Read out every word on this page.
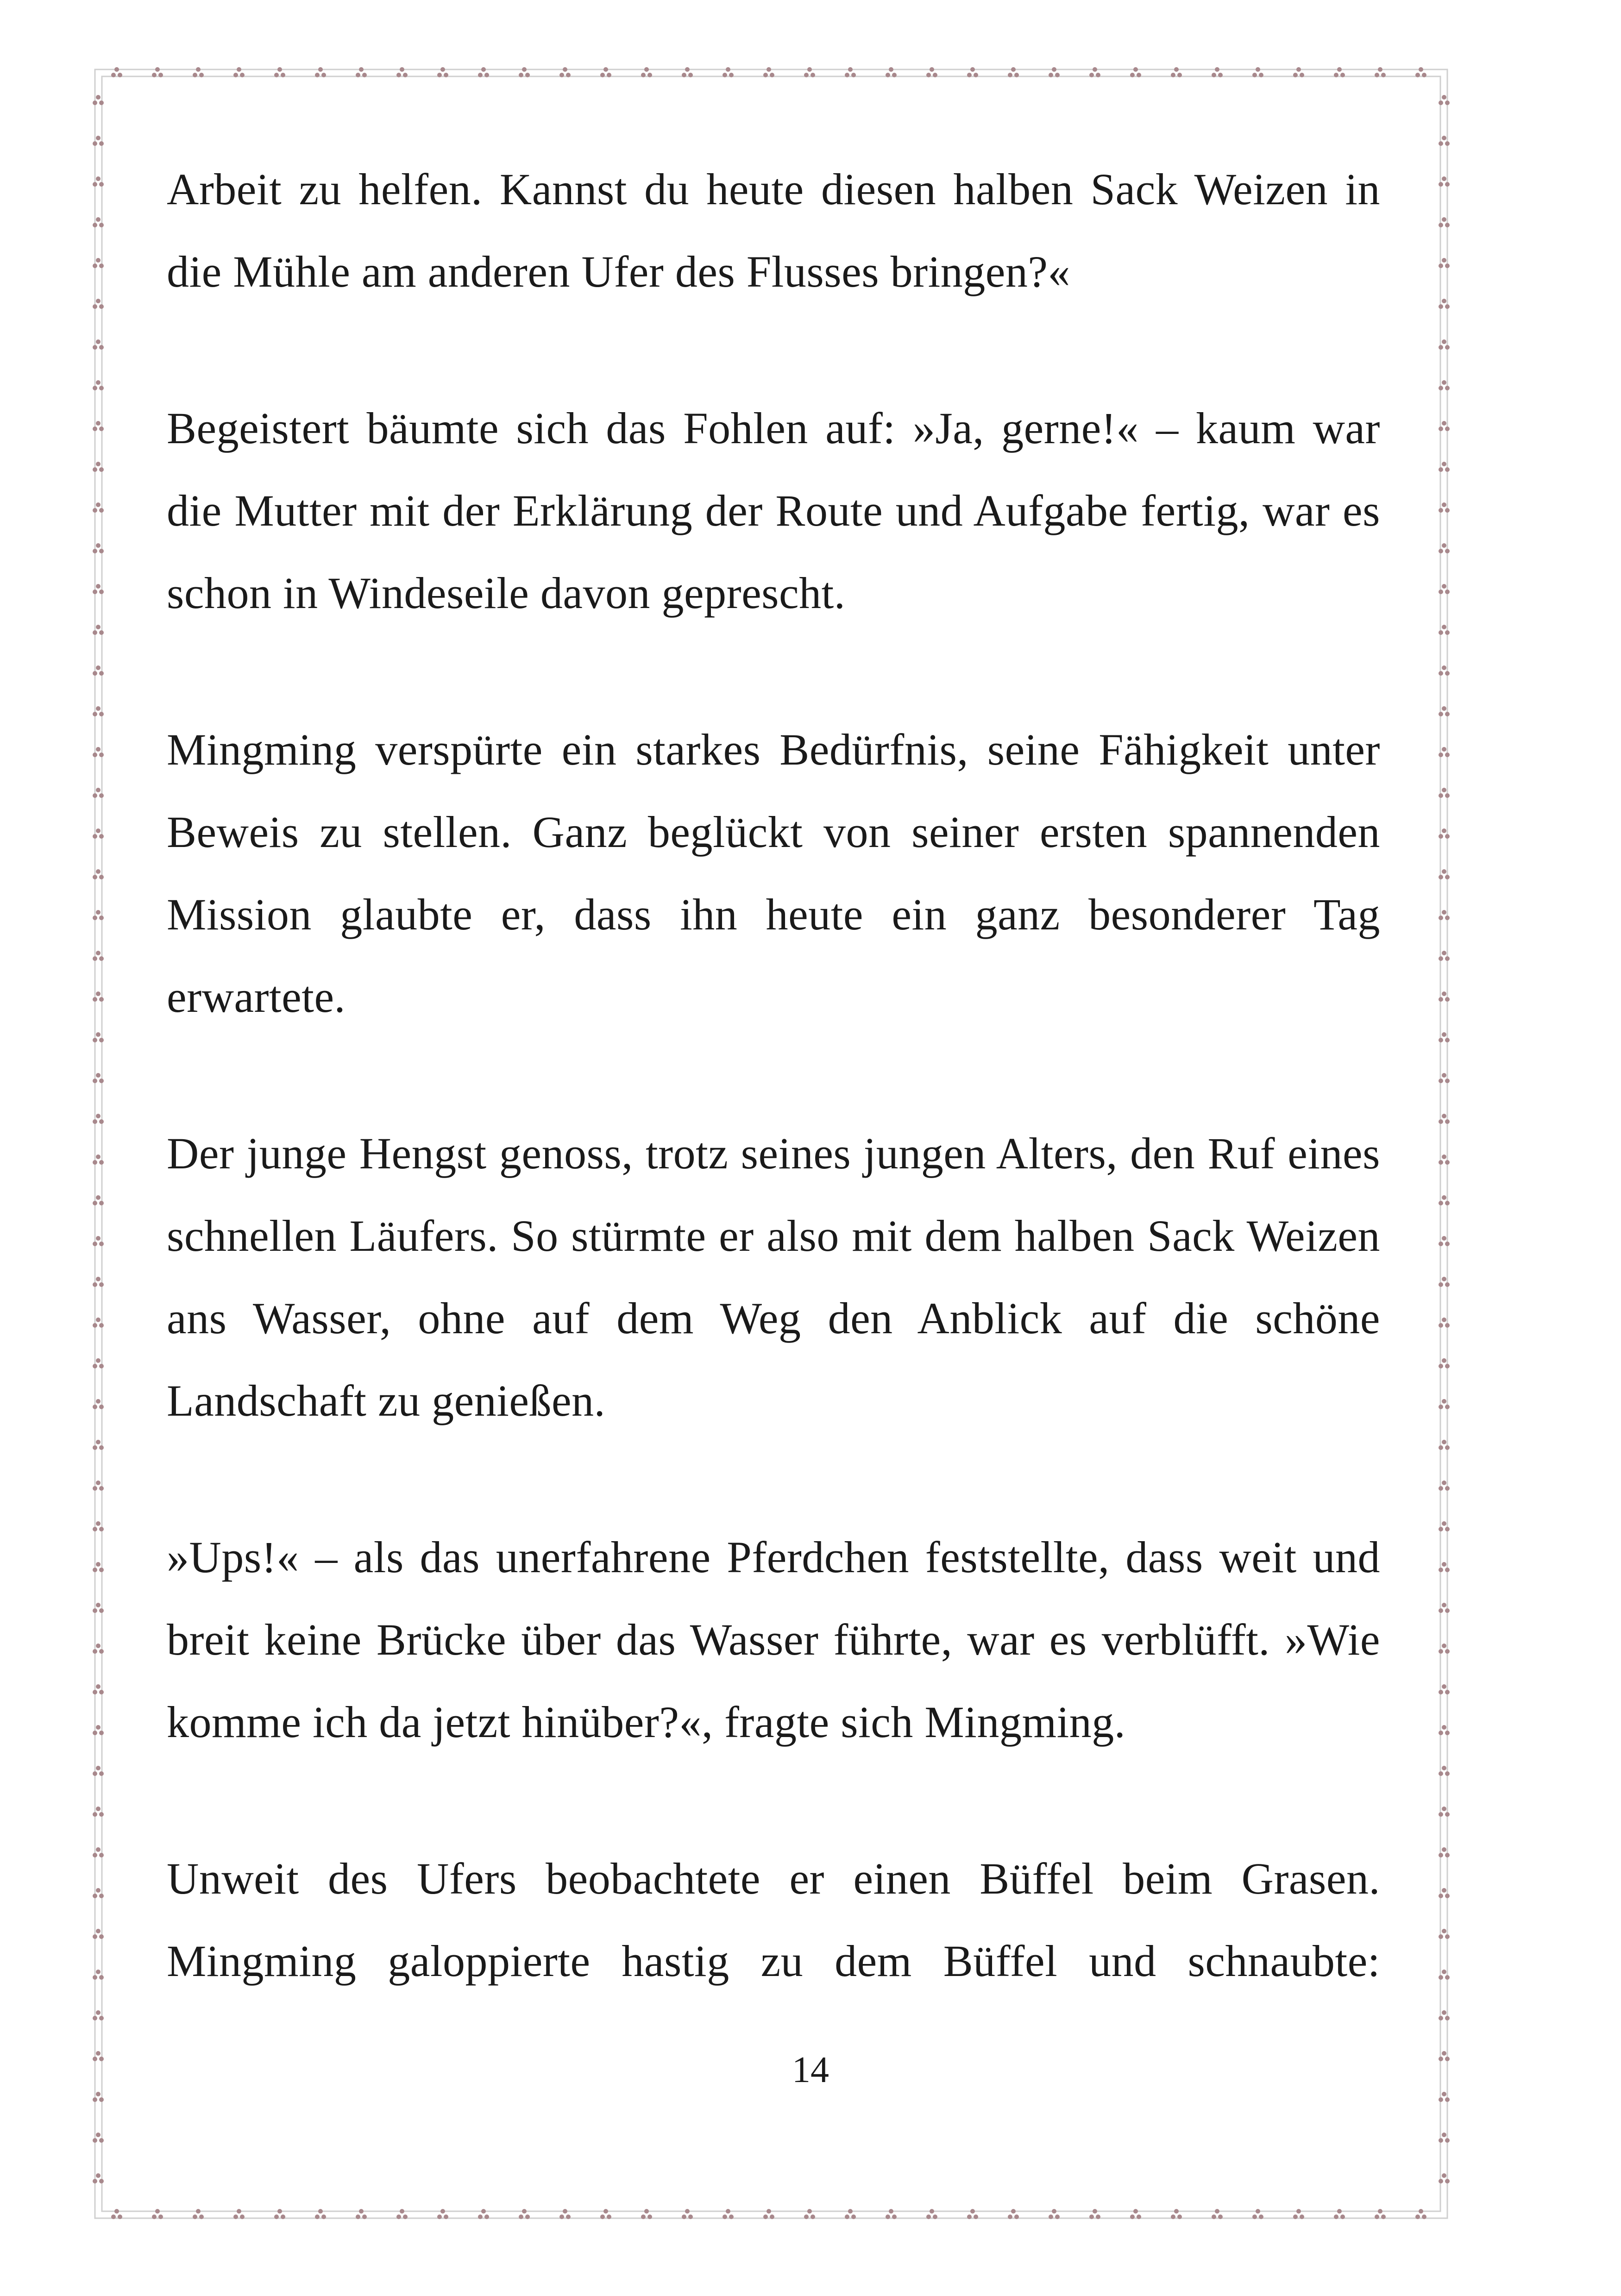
Arbeit zu helfen. Kannst du heute diesen halben Sack Weizen in die Mühle am anderen Ufer des Flusses bringen?«

Begeistert bäumte sich das Fohlen auf: »Ja, gerne!« – kaum war die Mutter mit der Erklärung der Route und Aufgabe fertig, war es schon in Windeseile davon geprescht.

Mingming verspürte ein starkes Bedürfnis, seine Fähigkeit unter Beweis zu stellen. Ganz beglückt von seiner ersten spannenden Mission glaubte er, dass ihn heute ein ganz besonderer Tag erwartete.

Der junge Hengst genoss, trotz seines jungen Alters, den Ruf eines schnellen Läufers. So stürmte er also mit dem halben Sack Weizen ans Wasser, ohne auf dem Weg den Anblick auf die schöne Landschaft zu genießen.

»Ups!« – als das unerfahrene Pferdchen feststellte, dass weit und breit keine Brücke über das Wasser führte, war es verblüfft. »Wie komme ich da jetzt hinüber?«, fragte sich Mingming.

Unweit des Ufers beobachtete er einen Büffel beim Grasen. Mingming galoppierte hastig zu dem Büffel und schnaubte:

14
